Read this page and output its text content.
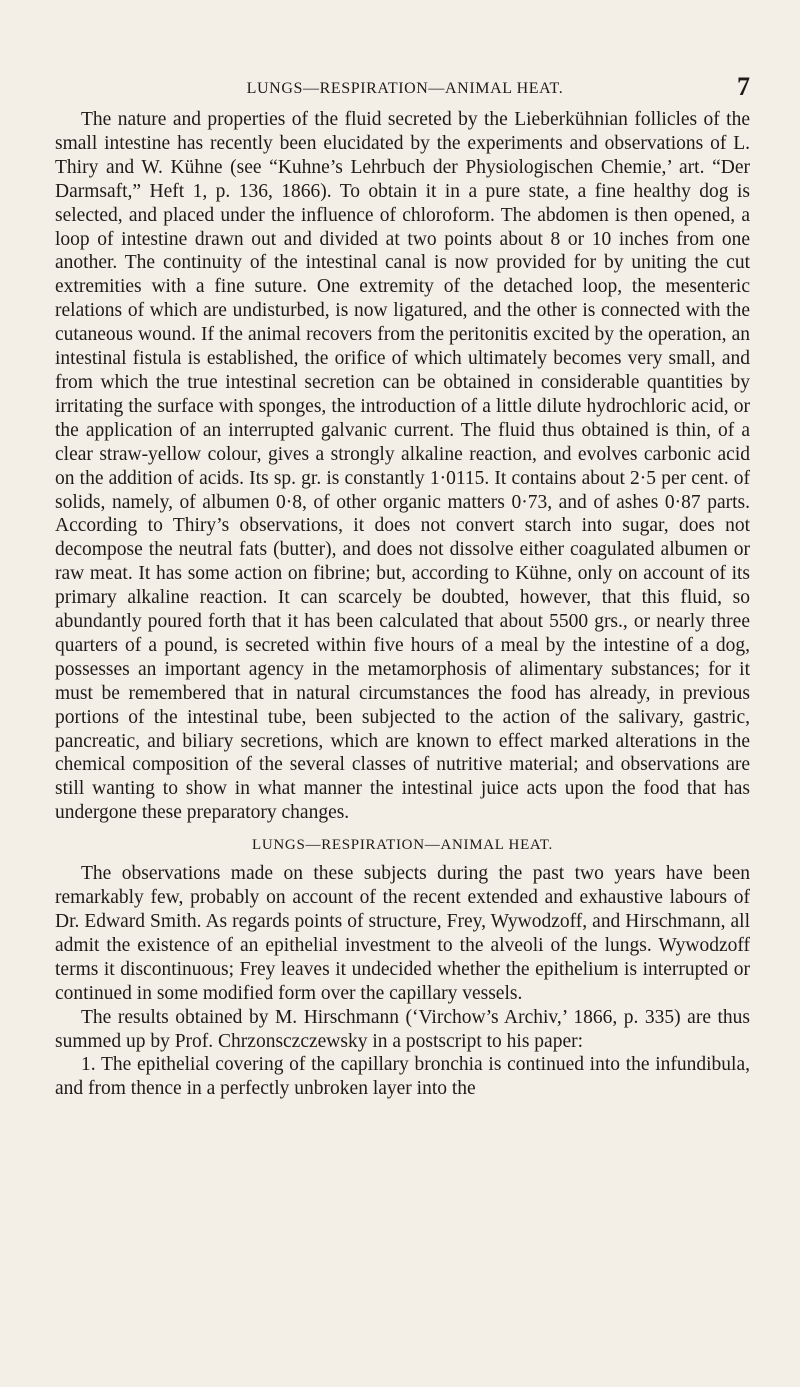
LUNGS—RESPIRATION—ANIMAL HEAT.	7

The nature and properties of the fluid secreted by the Lieberkühnian follicles of the small intestine has recently been elucidated by the experiments and observations of L. Thiry and W. Kühne (see “Kuhne’s Lehrbuch der Physiologischen Chemie,’ art. “Der Darmsaft,” Heft 1, p. 136, 1866). To obtain it in a pure state, a fine healthy dog is selected, and placed under the influence of chloroform. The abdomen is then opened, a loop of intestine drawn out and divided at two points about 8 or 10 inches from one another. The continuity of the intestinal canal is now provided for by uniting the cut extremities with a fine suture. One extremity of the detached loop, the mesenteric relations of which are undisturbed, is now ligatured, and the other is connected with the cutaneous wound. If the animal recovers from the peritonitis excited by the operation, an intestinal fistula is established, the orifice of which ultimately becomes very small, and from which the true intestinal secretion can be obtained in considerable quantities by irritating the surface with sponges, the introduction of a little dilute hydrochloric acid, or the application of an interrupted galvanic current. The fluid thus obtained is thin, of a clear straw-yellow colour, gives a strongly alkaline reaction, and evolves carbonic acid on the addition of acids. Its sp. gr. is constantly 1·0115. It contains about 2·5 per cent. of solids, namely, of albumen 0·8, of other organic matters 0·73, and of ashes 0·87 parts. According to Thiry’s observations, it does not convert starch into sugar, does not decompose the neutral fats (butter), and does not dissolve either coagulated albumen or raw meat. It has some action on fibrine; but, according to Kühne, only on account of its primary alkaline reaction. It can scarcely be doubted, however, that this fluid, so abundantly poured forth that it has been calculated that about 5500 grs., or nearly three quarters of a pound, is secreted within five hours of a meal by the intestine of a dog, possesses an important agency in the metamorphosis of alimentary substances; for it must be remembered that in natural circumstances the food has already, in previous portions of the intestinal tube, been subjected to the action of the salivary, gastric, pancreatic, and biliary secretions, which are known to effect marked alterations in the chemical composition of the several classes of nutritive material; and observations are still wanting to show in what manner the intestinal juice acts upon the food that has undergone these preparatory changes.

LUNGS—RESPIRATION—ANIMAL HEAT.

The observations made on these subjects during the past two years have been remarkably few, probably on account of the recent extended and exhaustive labours of Dr. Edward Smith. As regards points of structure, Frey, Wywodzoff, and Hirschmann, all admit the existence of an epithelial investment to the alveoli of the lungs. Wywodzoff terms it discontinuous; Frey leaves it undecided whether the epithelium is interrupted or continued in some modified form over the capillary vessels.

The results obtained by M. Hirschmann (‘Virchow’s Archiv,’ 1866, p. 335) are thus summed up by Prof. Chrzonsczczewsky in a postscript to his paper:

1. The epithelial covering of the capillary bronchia is continued into the infundibula, and from thence in a perfectly unbroken layer into the
